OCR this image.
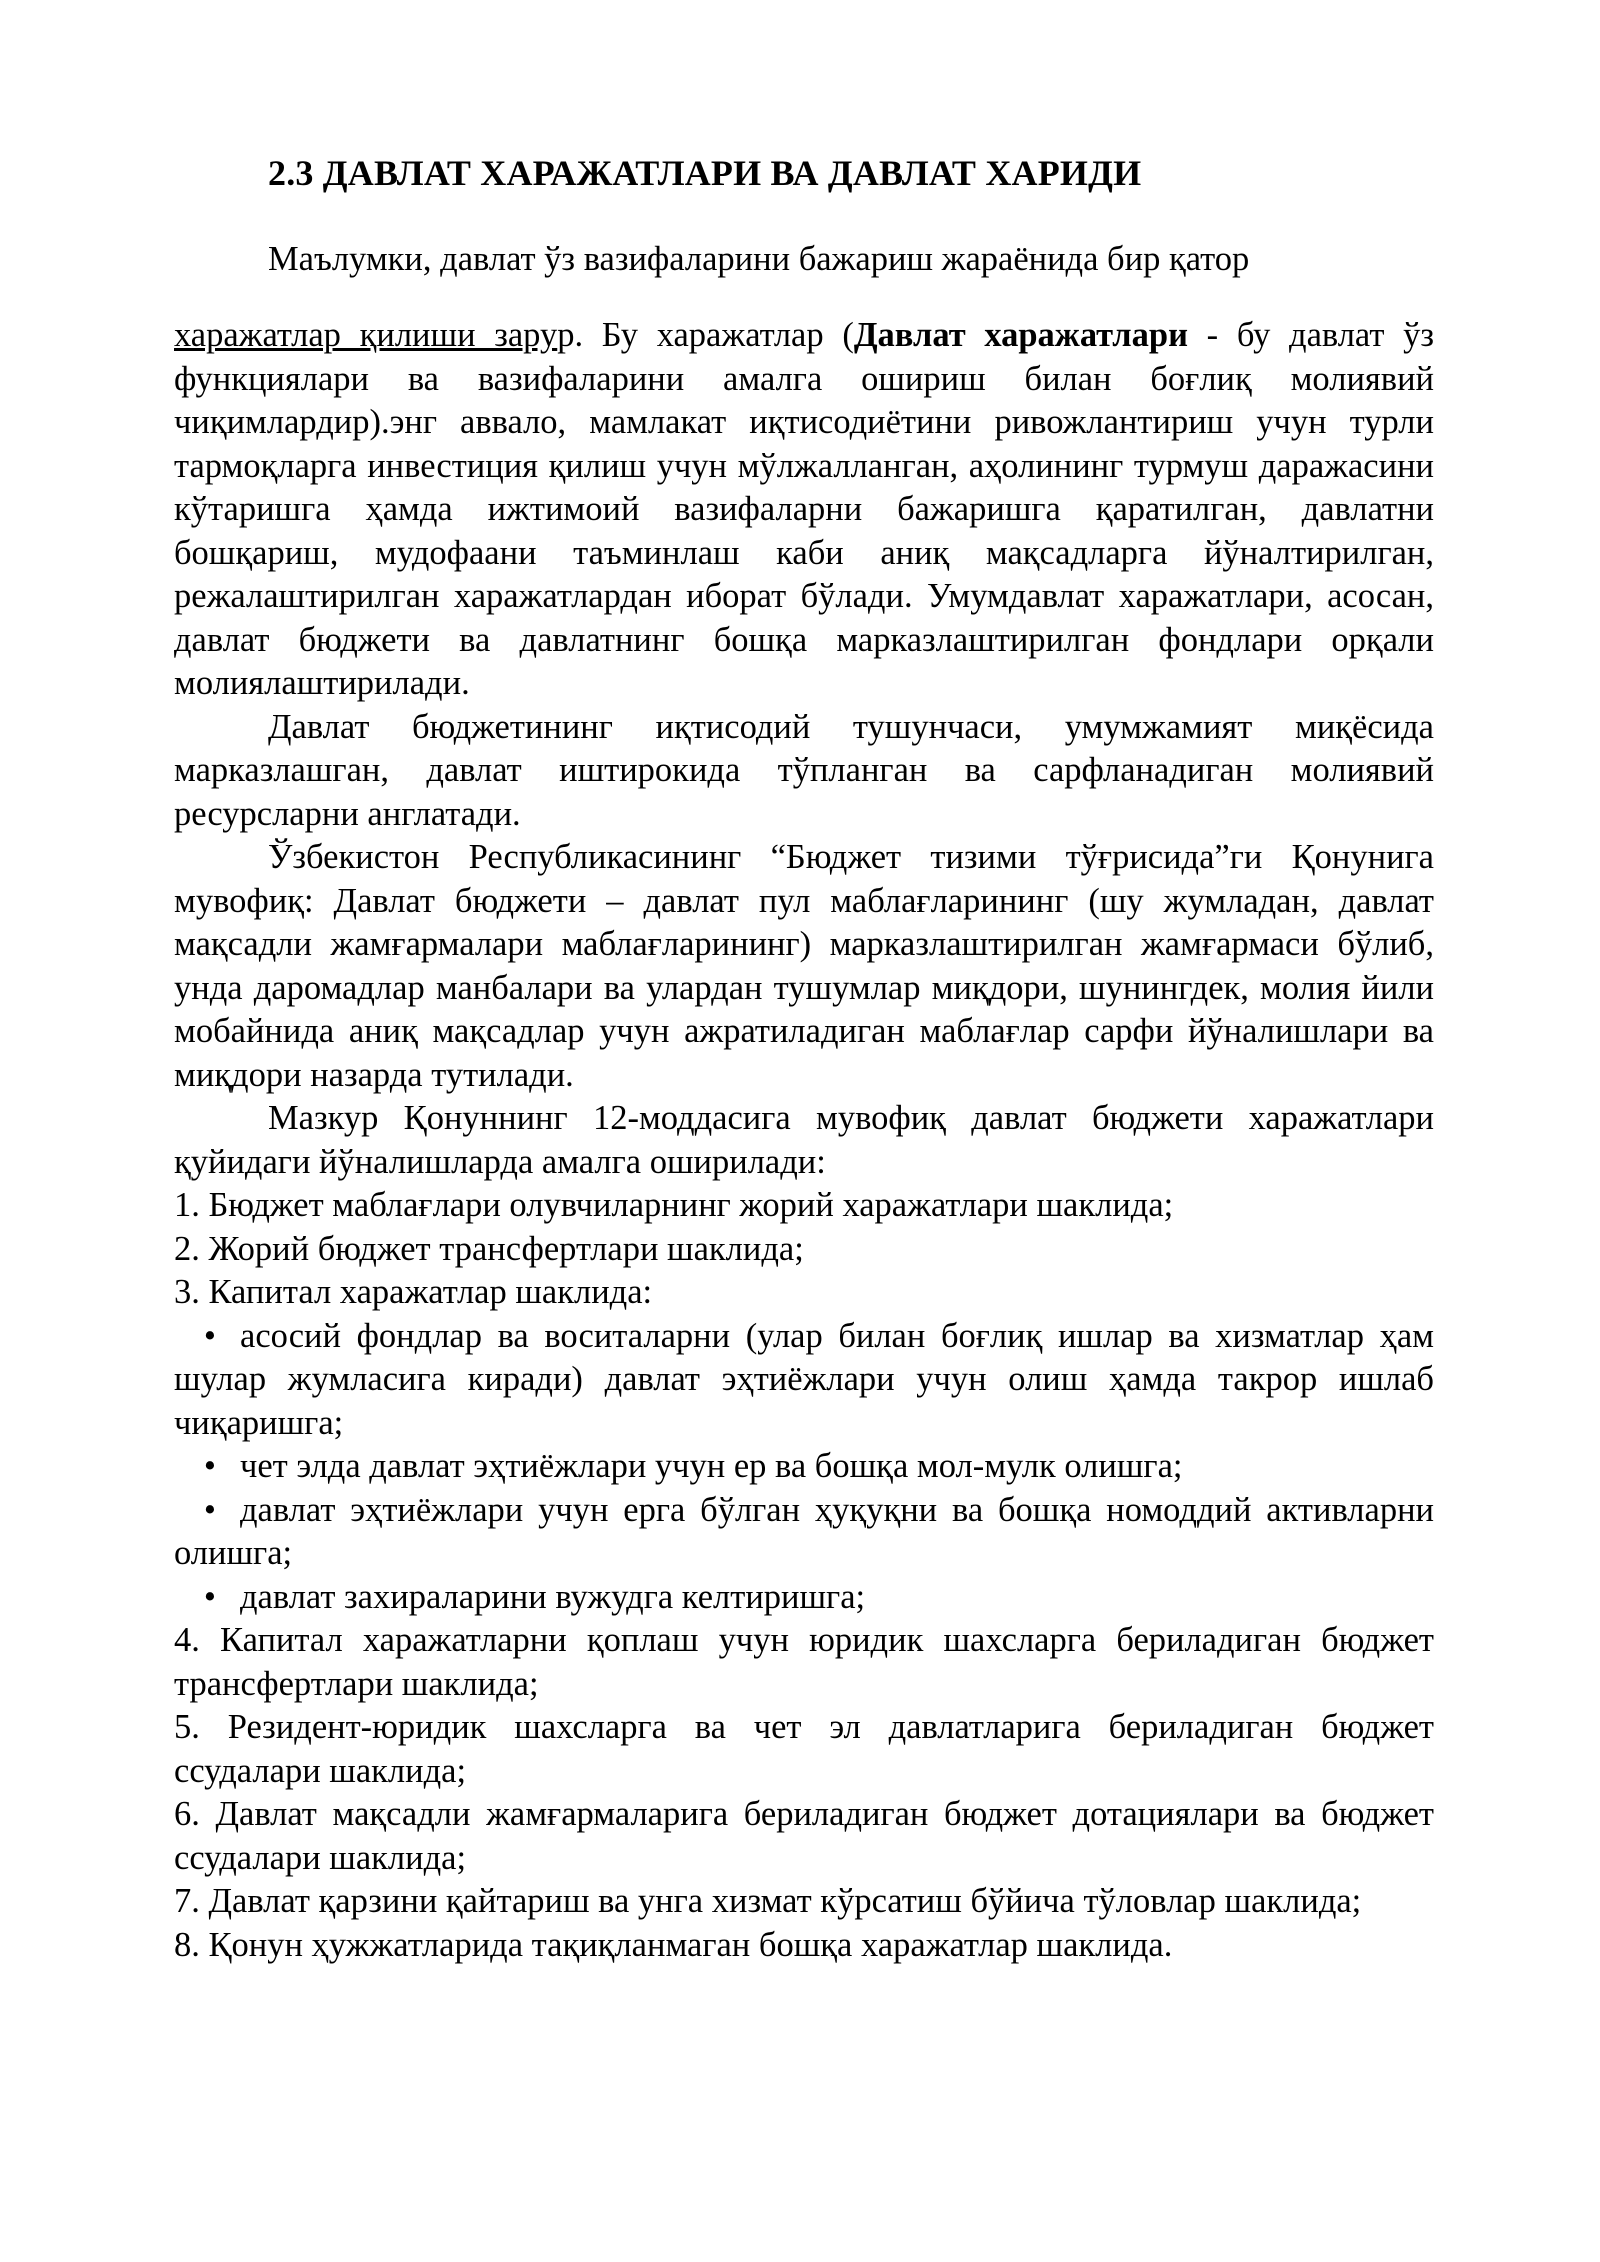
2.3 ДАВЛАТ ХАРАЖАТЛАРИ ВА ДАВЛАТ ХАРИДИ
Маълумки, давлат ўз вазифаларини бажариш жараёнида бир қатор

харажатлар қилиши зарур. Бу харажатлар (Давлат харажатлари - бу давлат ўз функциялари ва вазифаларини амалга ошириш билан боғлиқ молиявий чиқимлардир).энг аввало, мамлакат иқтисодиётини ривожлантириш учун турли тармоқларга инвестиция қилиш учун мўлжалланган, аҳолининг турмуш даражасини кўтаришга ҳамда ижтимоий вазифаларни бажаришга қаратилган, давлатни бошқариш, мудофаани таъминлаш каби аниқ мақсадларга йўналтирилган, режалаштирилган харажатлардан иборат бўлади. Умумдавлат харажатлари, асосан, давлат бюджети ва давлатнинг бошқа марказлаштирилган фондлари орқали молиялаштирилади.

Давлат бюджетининг иқтисодий тушунчаси, умумжамият миқёсида марказлашган, давлат иштирокида тўпланган ва сарфланадиган молиявий ресурсларни англатади.

Ўзбекистон Республикасининг “Бюджет тизими тўғрисида”ги Қонунига мувофиқ: Давлат бюджети – давлат пул маблағларининг (шу жумладан, давлат мақсадли жамғармалари маблағларининг) марказлаштирилган жамғармаси бўлиб, унда даромадлар манбалари ва улардан тушумлар миқдори, шунингдек, молия йили мобайнида аниқ мақсадлар учун ажратиладиган маблағлар сарфи йўналишлари ва миқдори назарда тутилади.

Мазкур Қонуннинг 12-моддасига мувофиқ давлат бюджети харажатлари қуйидаги йўналишларда амалга оширилади:

1. Бюджет маблағлари олувчиларнинг жорий харажатлари шаклида;

2. Жорий бюджет трансфертлари шаклида;

3. Капитал харажатлар шаклида:

• асосий фондлар ва воситаларни (улар билан боғлиқ ишлар ва хизматлар ҳам шулар жумласига киради) давлат эҳтиёжлари учун олиш ҳамда такрор ишлаб чиқаришга;

• чет элда давлат эҳтиёжлари учун ер ва бошқа мол-мулк олишга;

• давлат эҳтиёжлари учун ерга бўлган ҳуқуқни ва бошқа номоддий активларни олишга;

• давлат захираларини вужудга келтиришга;

4. Капитал харажатларни қоплаш учун юридик шахсларга бериладиган бюджет трансфертлари шаклида;

5. Резидент-юридик шахсларга ва чет эл давлатларига бериладиган бюджет ссудалари шаклида;

6. Давлат мақсадли жамғармаларига бериладиган бюджет дотациялари ва бюджет ссудалари шаклида;

7. Давлат қарзини қайтариш ва унга хизмат кўрсатиш бўйича тўловлар шаклида;

8. Қонун ҳужжатларида тақиқланмаган бошқа харажатлар шаклида.
